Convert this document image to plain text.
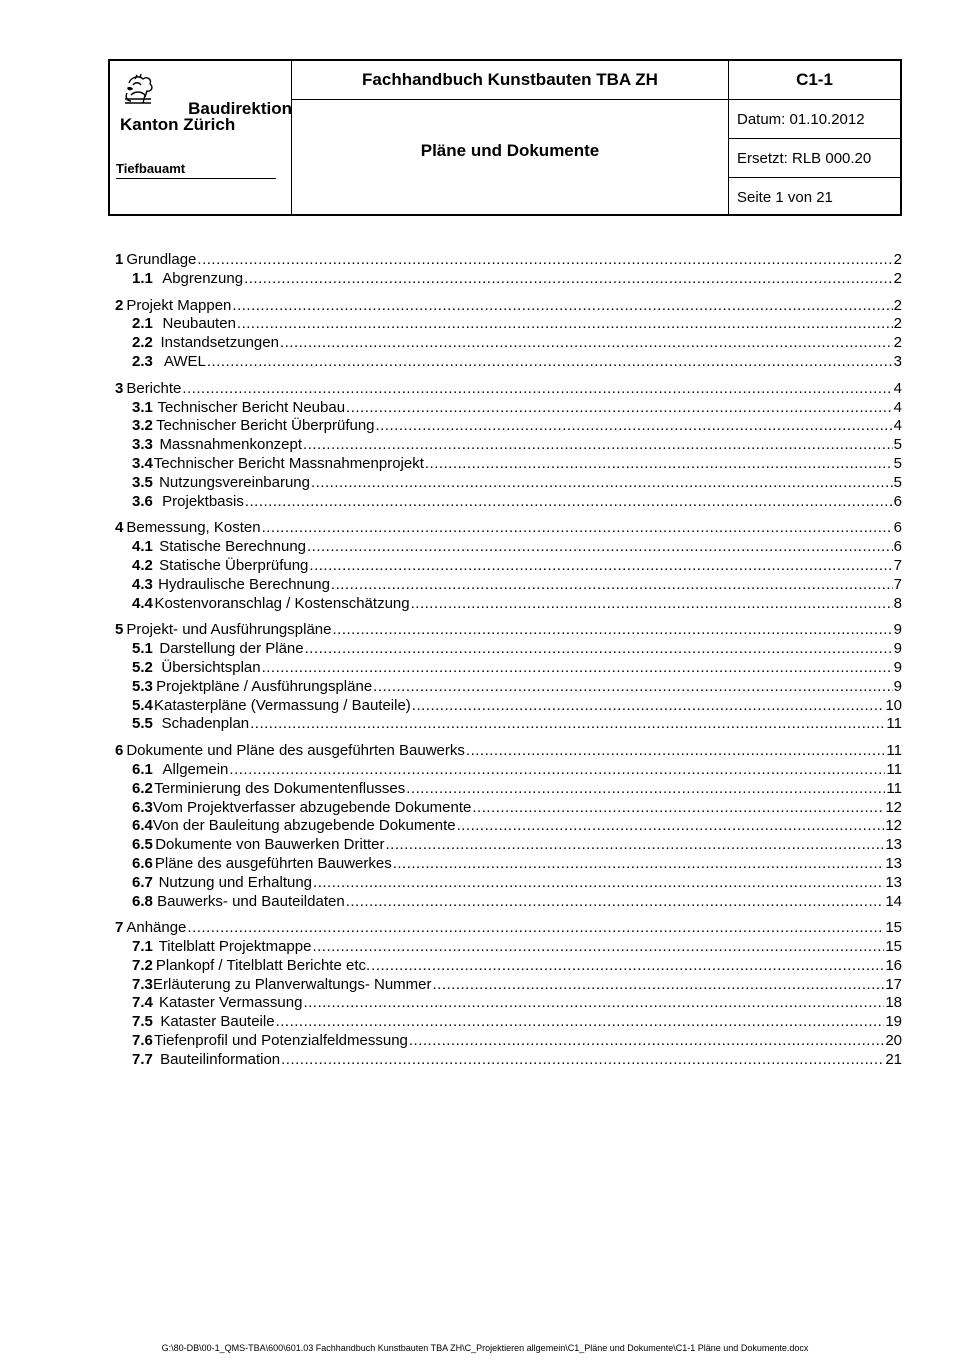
Baudirektion
Kanton Zürich
Tiefbauamt
Fachhandbuch Kunstbauten TBA ZH
Pläne und Dokumente
C1-1
Datum: 01.10.2012
Ersetzt: RLB 000.20
Seite 1 von 21
1 Grundlage .....	2
1.1 Abgrenzung .....	2
2 Projekt Mappen .....	2
2.1 Neubauten .....	2
2.2 Instandsetzungen .....	2
2.3 AWEL .....	3
3 Berichte .....	4
3.1 Technischer Bericht Neubau .....	4
3.2 Technischer Bericht Überprüfung .....	4
3.3 Massnahmenkonzept .....	5
3.4 Technischer Bericht Massnahmenprojekt .....	5
3.5 Nutzungsvereinbarung .....	5
3.6 Projektbasis .....	6
4 Bemessung, Kosten .....	6
4.1 Statische Berechnung .....	6
4.2 Statische Überprüfung .....	7
4.3 Hydraulische Berechnung .....	7
4.4 Kostenvoranschlag / Kostenschätzung .....	8
5 Projekt- und Ausführungspläne .....	9
5.1 Darstellung der Pläne .....	9
5.2 Übersichtsplan .....	9
5.3 Projektpläne / Ausführungspläne .....	9
5.4 Katasterpläne (Vermassung / Bauteile) .....	10
5.5 Schadenplan .....	11
6 Dokumente und Pläne des ausgeführten Bauwerks .....	11
6.1 Allgemein .....	11
6.2 Terminierung des Dokumentenflusses .....	11
6.3 Vom Projektverfasser abzugebende Dokumente .....	12
6.4 Von der Bauleitung abzugebende Dokumente .....	12
6.5 Dokumente von Bauwerken Dritter .....	13
6.6 Pläne des ausgeführten Bauwerkes .....	13
6.7 Nutzung und Erhaltung .....	13
6.8 Bauwerks- und Bauteildaten .....	14
7 Anhänge .....	15
7.1 Titelblatt Projektmappe .....	15
7.2 Plankopf / Titelblatt Berichte etc. .....	16
7.3 Erläuterung zu Planverwaltungs- Nummer .....	17
7.4 Kataster Vermassung .....	18
7.5 Kataster Bauteile .....	19
7.6 Tiefenprofil und Potenzialfeldmessung .....	20
7.7 Bauteilinformation .....	21
G:\80-DB\00-1_QMS-TBA\600\601.03 Fachhandbuch Kunstbauten TBA ZH\C_Projektieren allgemein\C1_Pläne und Dokumente\C1-1 Pläne und Dokumente.docx
